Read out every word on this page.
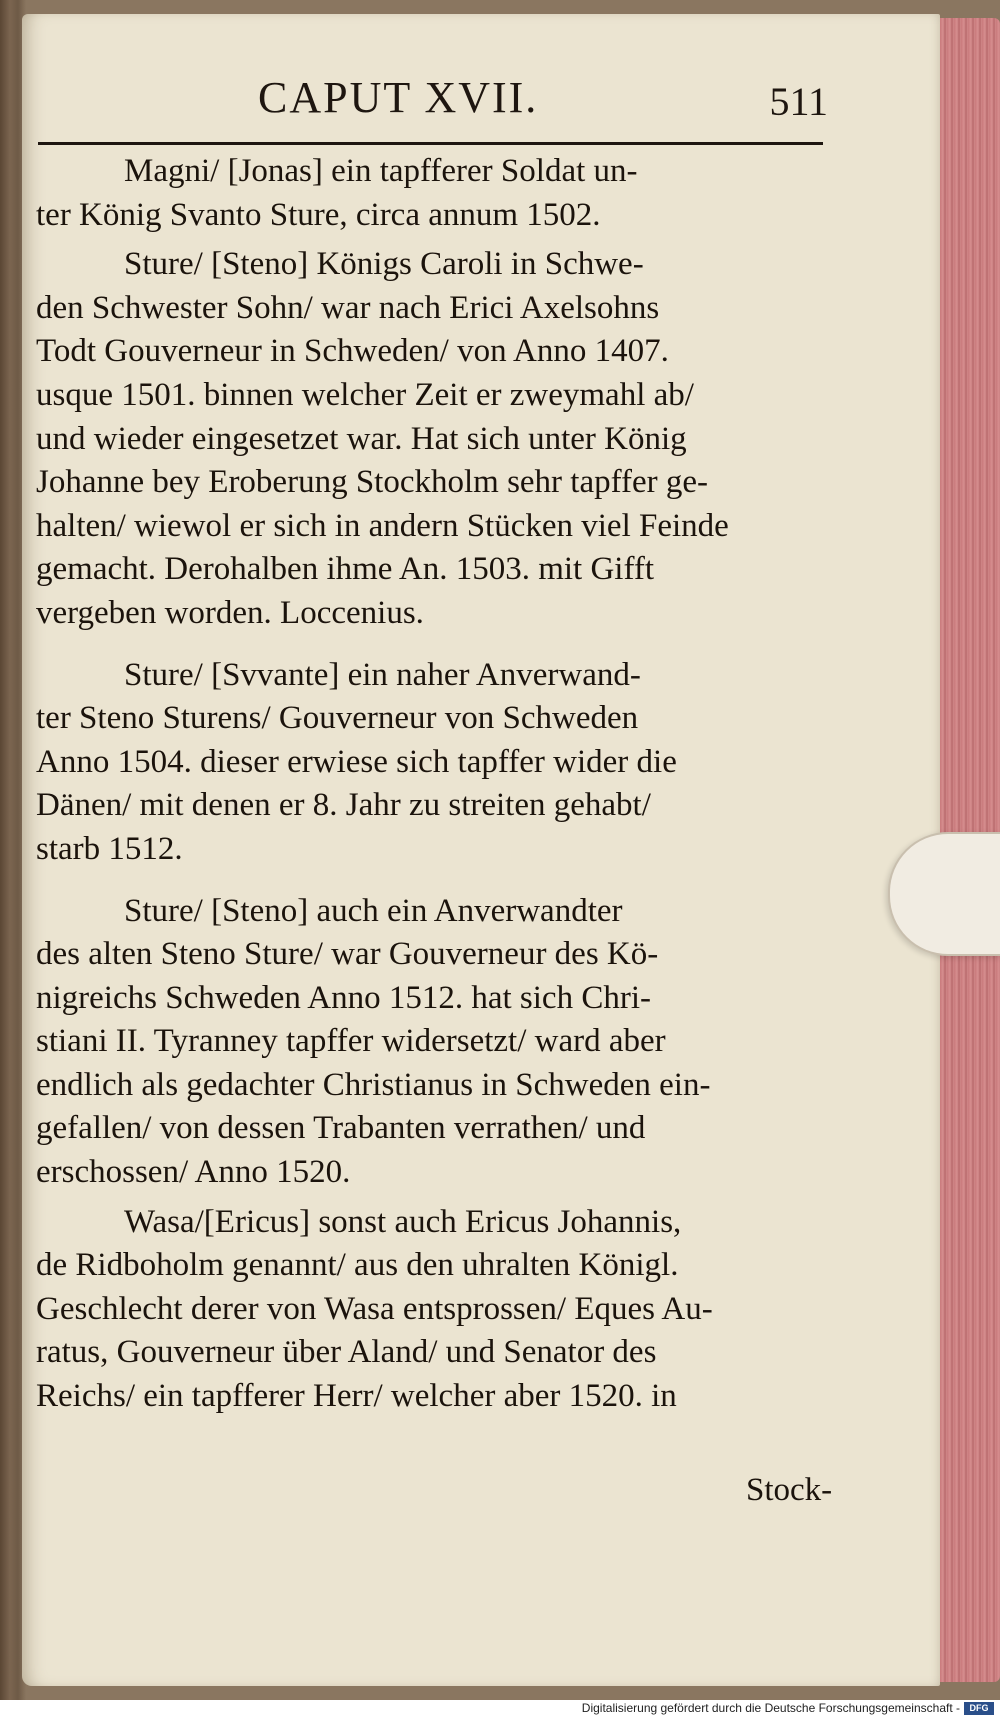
CAPUT XVII.	511
Magni/ [Jonas] ein tapfferer Soldat un-
ter König Svanto Sture, circa annum 1502.
Sture/ [Steno] Königs Caroli in Schwe-
den Schwester Sohn/ war nach Erici Axelsohns
Todt Gouverneur in Schweden/ von Anno 1407.
usque 1501. binnen welcher Zeit er zweymahl ab/
und wieder eingesetzet war. Hat sich unter König
Johanne bey Eroberung Stockholm sehr tapffer ge-
halten/ wiewol er sich in andern Stücken viel Feinde
gemacht. Derohalben ihme An. 1503. mit Gifft
vergeben worden. Loccenius.
Sture/ [Svvante] ein naher Anverwand-
ter Steno Sturens/ Gouverneur von Schweden
Anno 1504. dieser erwiese sich tapffer wider die
Dänen/ mit denen er 8. Jahr zu streiten gehabt/
starb 1512.
Sture/ [Steno] auch ein Anverwandter
des alten Steno Sture/ war Gouverneur des Kö-
nigreichs Schweden Anno 1512. hat sich Chri-
stiani II. Tyranney tapffer widersetzt/ ward aber
endlich als gedachter Christianus in Schweden ein-
gefallen/ von dessen Trabanten verrathen/ und
erschossen/ Anno 1520.
Wasa/[Ericus] sonst auch Ericus Johannis,
de Ridboholm genannt/ aus den uhralten Königl.
Geschlecht derer von Wasa entsprossen/ Eques Au-
ratus, Gouverneur über Aland/ und Senator des
Reichs/ ein tapfferer Herr/ welcher aber 1520. in
Stock-
Digitalisierung gefördert durch die Deutsche Forschungsgemeinschaft -	DFG
